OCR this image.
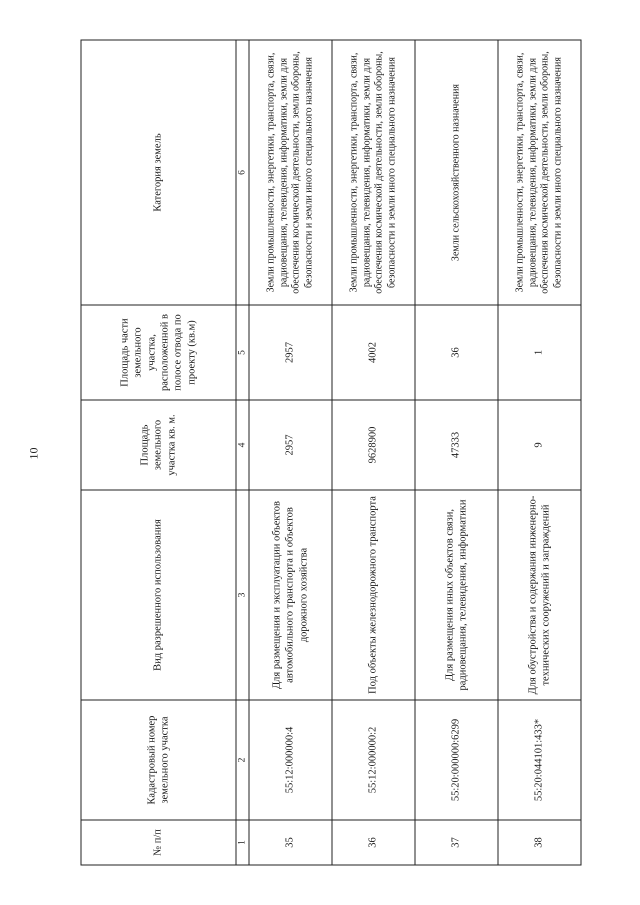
10
№ п/п	Кадастровый номер земельного участка	Вид разрешенного использования	Площадь земельного участка кв. м.	Площадь части земельного участка, расположенной в полосе отвода по проекту (кв.м)	Категория земель
1	2	3	4	5	6
35	55:12:000000:4	Для размещения и эксплуатации объектов автомобильного транспорта и объектов дорожного хозяйства	2957	2957	Земли промышленности, энергетики, транспорта, связи, радиовещания, телевидения, информатики, земли для обеспечения космической деятельности, земли обороны, безопасности и земли иного специального назначения
36	55:12:000000:2	Под объекты железнодорожного транспорта	9628900	4002	Земли промышленности, энергетики, транспорта, связи, радиовещания, телевидения, информатики, земли для обеспечения космической деятельности, земли обороны, безопасности и земли иного специального назначения
37	55:20:000000:6299	Для размещения иных объектов связи, радиовещания, телевидения, информатики	47333	36	Земли сельскохозяйственного назначения
38	55:20:044101:433*	Для обустройства и содержания инженерно-технических сооружений и заграждений	9	1	Земли промышленности, энергетики, транспорта, связи, радиовещания, телевидения, информатики, земли для обеспечения космической деятельности, земли обороны, безопасности и земли иного специального назначения
